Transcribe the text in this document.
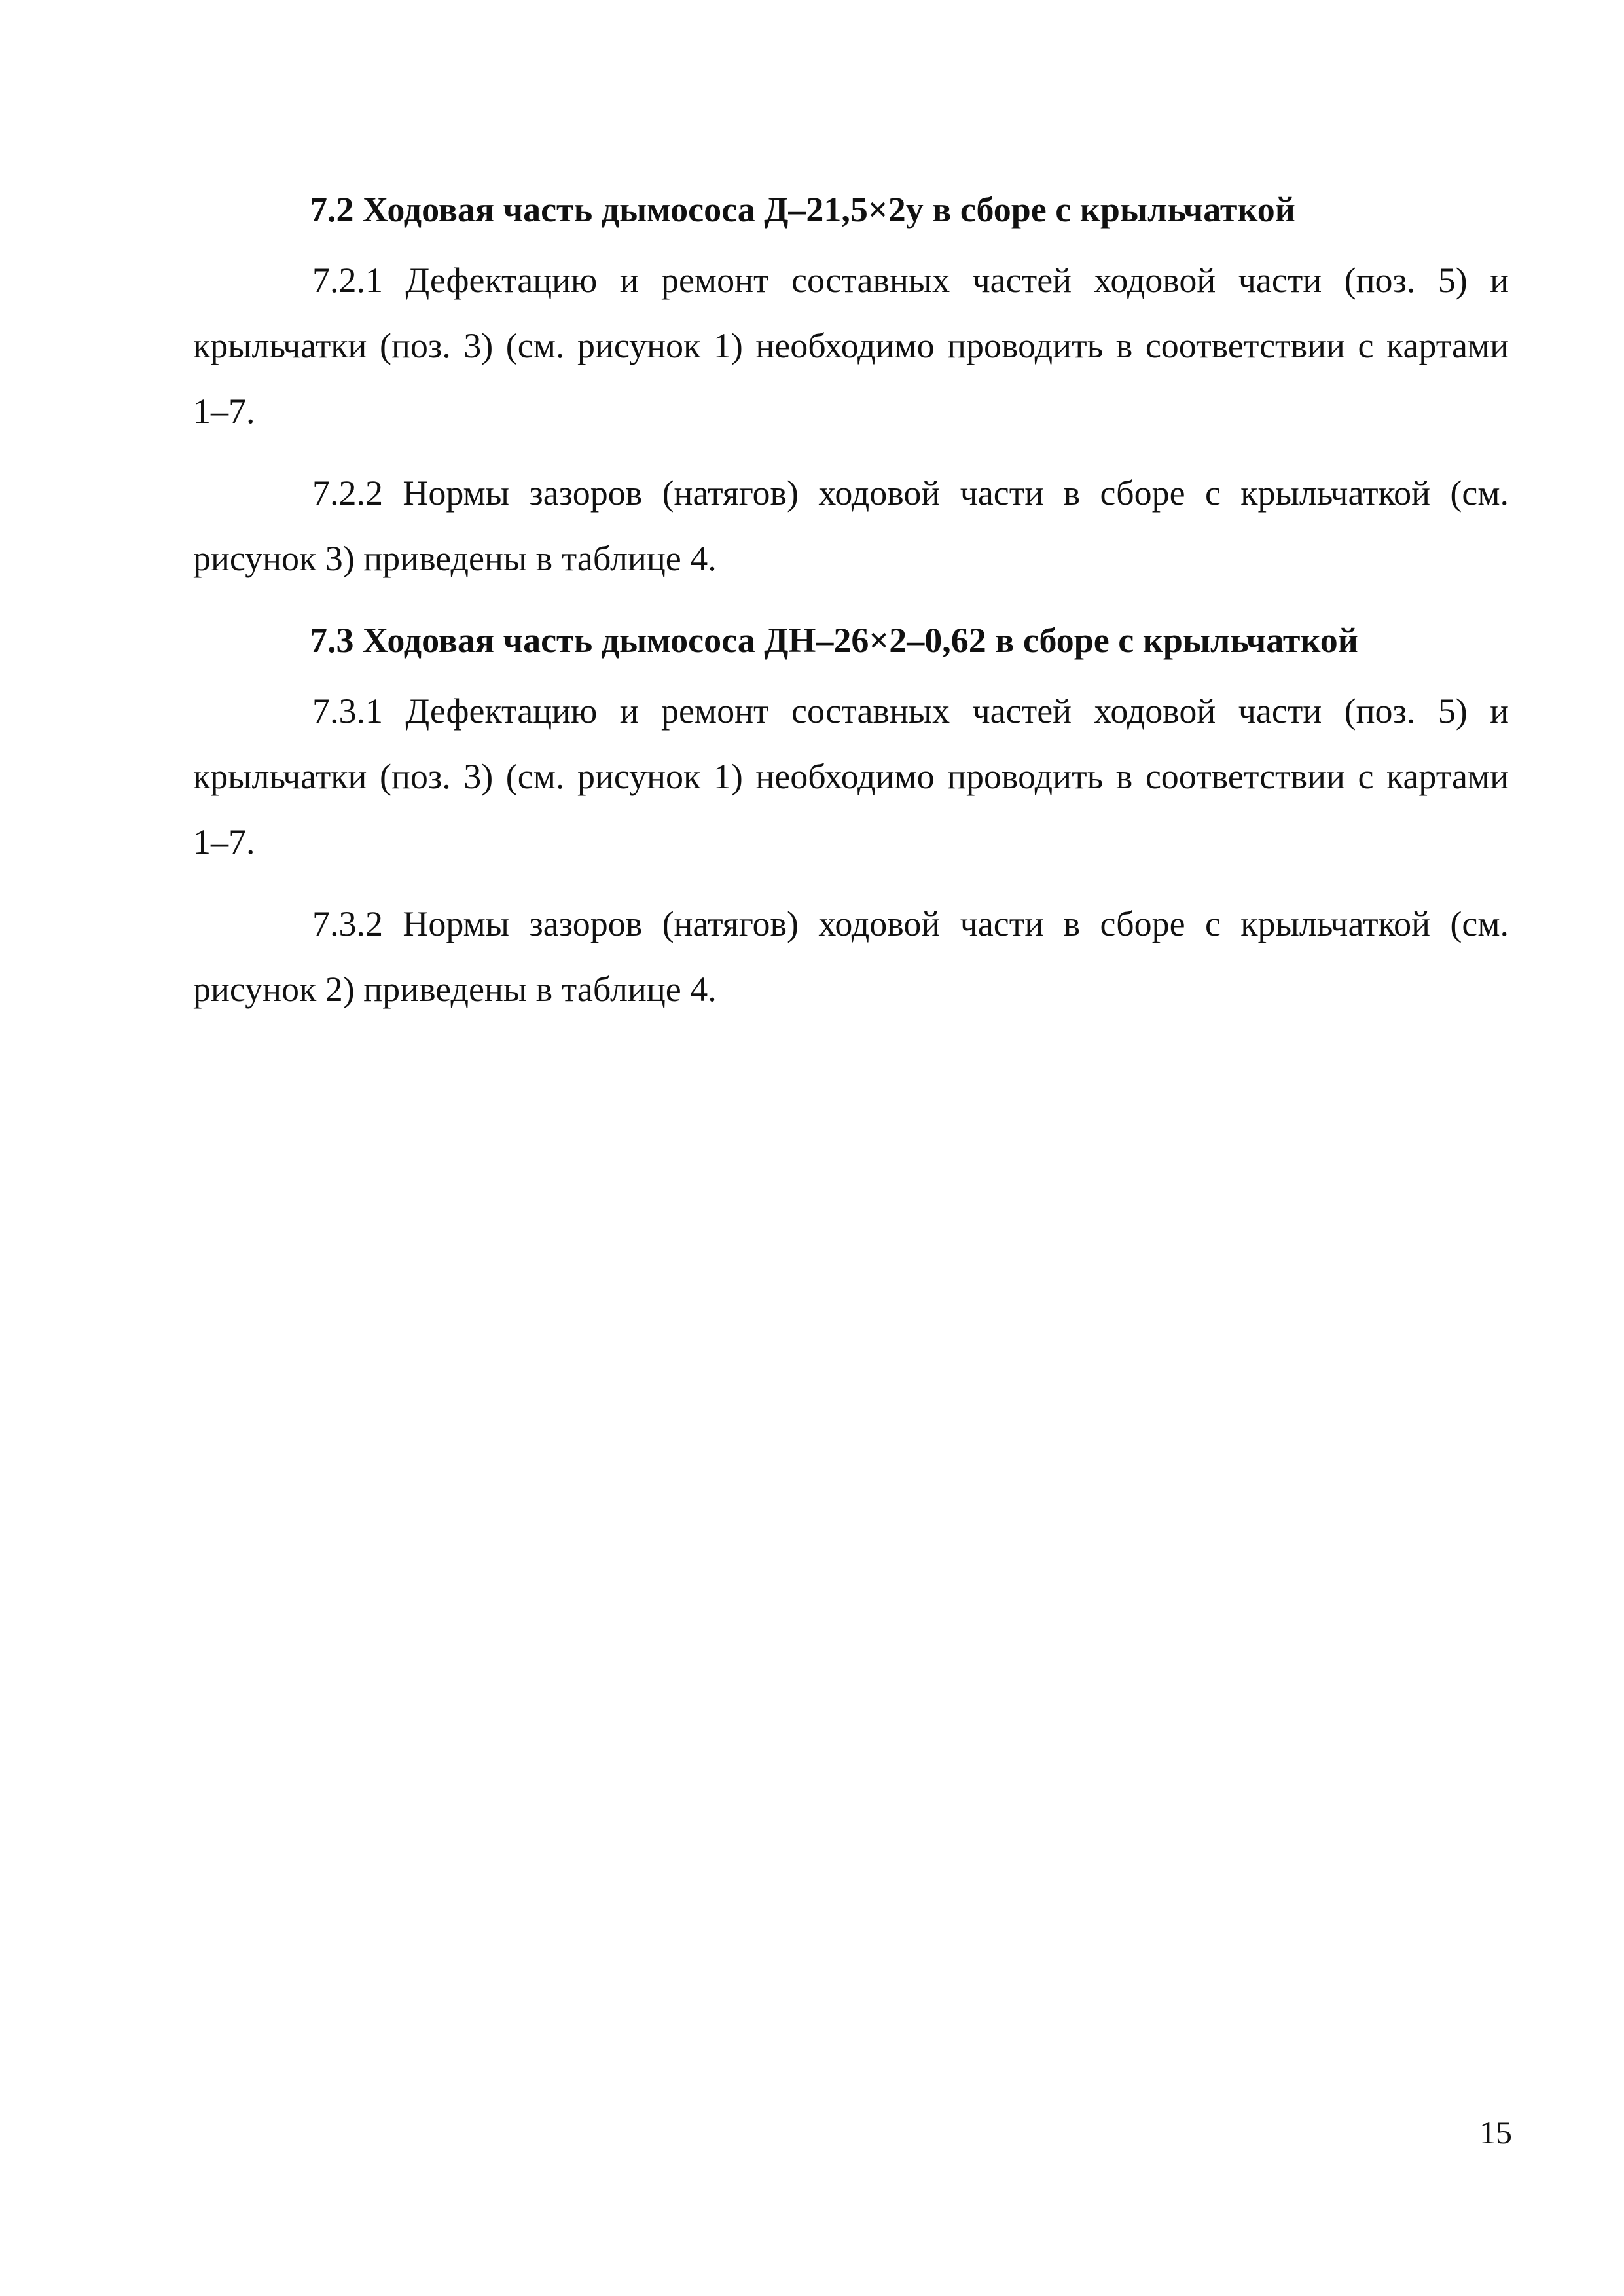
7.2 Ходовая часть дымососа Д–21,5×2у в сборе с крыльчаткой

7.2.1 Дефектацию и ремонт составных частей ходовой части (поз. 5) и крыльчатки (поз. 3) (см. рисунок 1) необходимо проводить в соответствии с картами 1–7.

7.2.2 Нормы зазоров (натягов) ходовой части в сборе с крыльчаткой (см. рисунок 3) приведены в таблице 4.

7.3 Ходовая часть дымососа ДН–26×2–0,62 в сборе с крыльчаткой

7.3.1 Дефектацию и ремонт составных частей ходовой части (поз. 5) и крыльчатки (поз. 3) (см. рисунок 1) необходимо проводить в соответствии с картами 1–7.

7.3.2 Нормы зазоров (натягов) ходовой части в сборе с крыльчаткой (см. рисунок 2) приведены в таблице 4.

15
